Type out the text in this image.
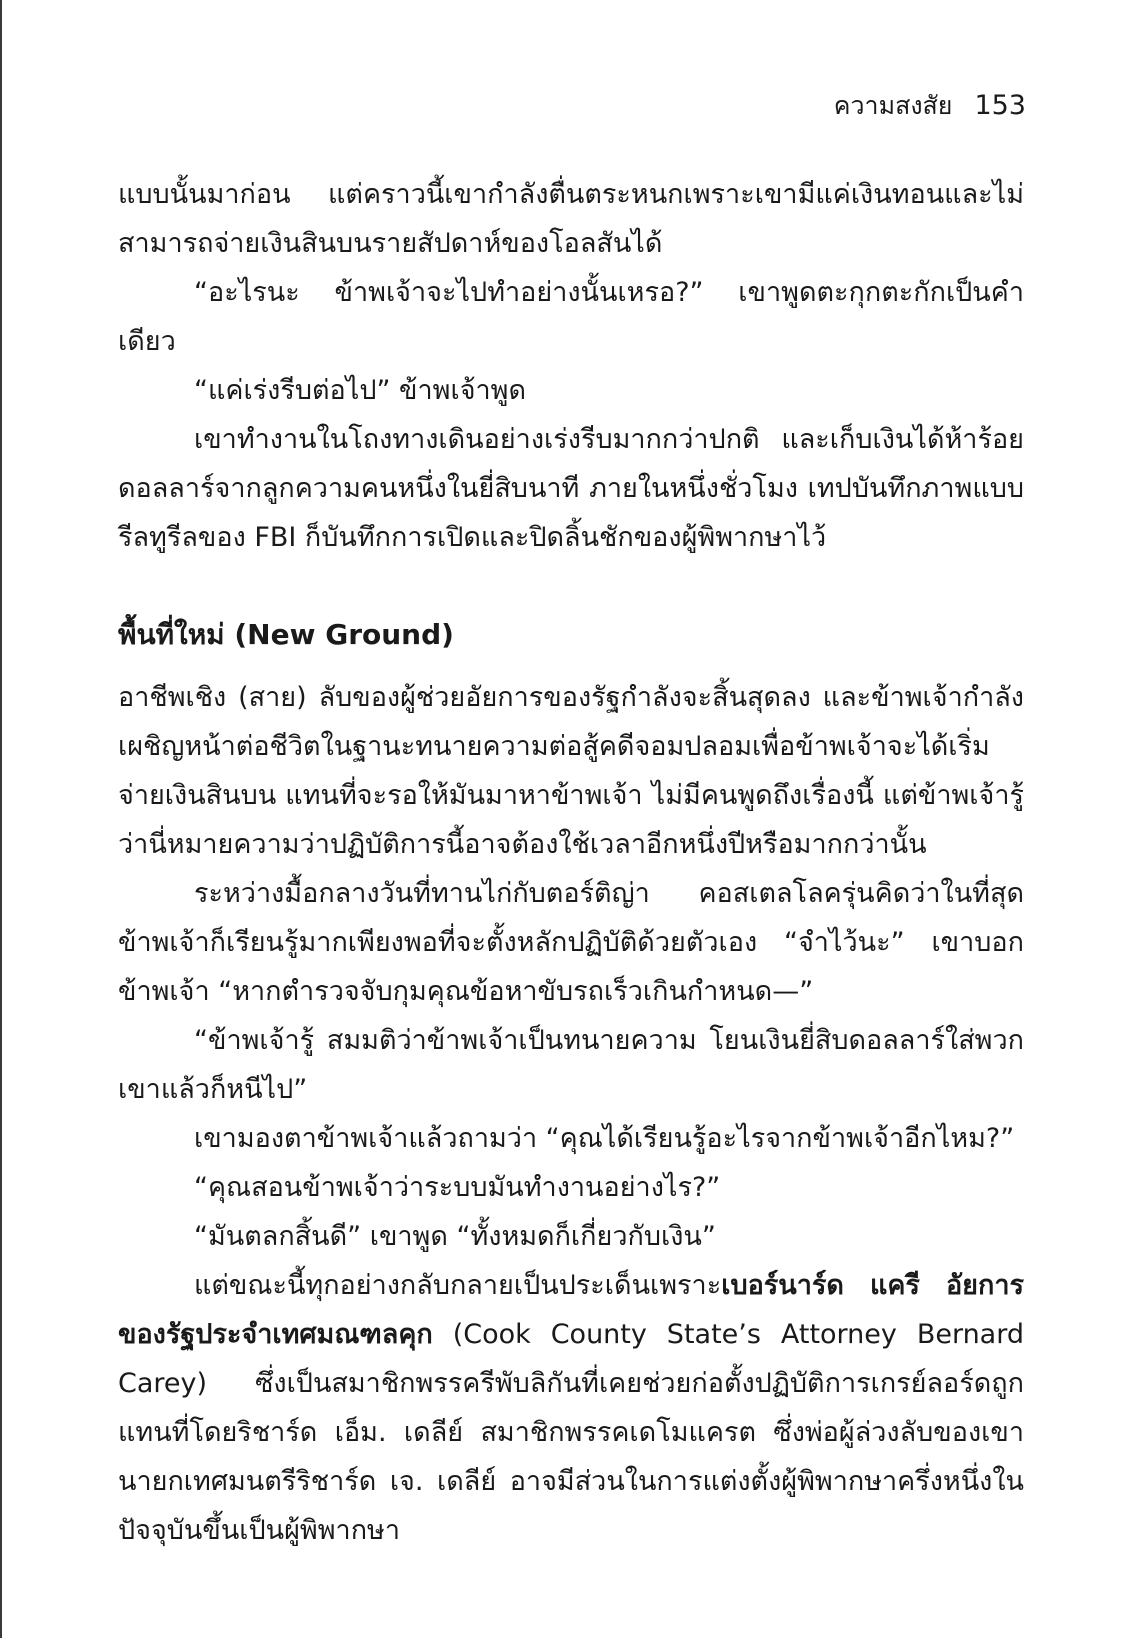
ความสงสัย 153

แบบนั้นมาก่อน แต่คราวนี้เขากำลังตื่นตระหนกเพราะเขามีแค่เงินทอนและไม่สามารถจ่ายเงินสินบนรายสัปดาห์ของโอลสันได้

“อะไรนะ ข้าพเจ้าจะไปทำอย่างนั้นเหรอ?” เขาพูดตะกุกตะกักเป็นคำเดียว

“แค่เร่งรีบต่อไป” ข้าพเจ้าพูด

เขาทำงานในโถงทางเดินอย่างเร่งรีบมากกว่าปกติ และเก็บเงินได้ห้าร้อยดอลลาร์จากลูกความคนหนึ่งในยี่สิบนาที ภายในหนึ่งชั่วโมง เทปบันทึกภาพแบบรีลทูรีลของ FBI ก็บันทึกการเปิดและปิดลิ้นชักของผู้พิพากษาไว้

พื้นที่ใหม่ (New Ground)

อาชีพเชิง (สาย) ลับของผู้ช่วยอัยการของรัฐกำลังจะสิ้นสุดลง และข้าพเจ้ากำลังเผชิญหน้าต่อชีวิตในฐานะทนายความต่อสู้คดีจอมปลอมเพื่อข้าพเจ้าจะได้เริ่มจ่ายเงินสินบน แทนที่จะรอให้มันมาหาข้าพเจ้า ไม่มีคนพูดถึงเรื่องนี้ แต่ข้าพเจ้ารู้ว่านี่หมายความว่าปฏิบัติการนี้อาจต้องใช้เวลาอีกหนึ่งปีหรือมากกว่านั้น

ระหว่างมื้อกลางวันที่ทานไก่กับตอร์ติญ่า คอสเตลโลครุ่นคิดว่าในที่สุดข้าพเจ้าก็เรียนรู้มากเพียงพอที่จะตั้งหลักปฏิบัติด้วยตัวเอง “จำไว้นะ” เขาบอกข้าพเจ้า “หากตำรวจจับกุมคุณข้อหาขับรถเร็วเกินกำหนด—”

“ข้าพเจ้ารู้ สมมติว่าข้าพเจ้าเป็นทนายความ โยนเงินยี่สิบดอลลาร์ใส่พวกเขาแล้วก็หนีไป”

เขามองตาข้าพเจ้าแล้วถามว่า “คุณได้เรียนรู้อะไรจากข้าพเจ้าอีกไหม?”

“คุณสอนข้าพเจ้าว่าระบบมันทำงานอย่างไร?”

“มันตลกสิ้นดี” เขาพูด “ทั้งหมดก็เกี่ยวกับเงิน”

แต่ขณะนี้ทุกอย่างกลับกลายเป็นประเด็นเพราะเบอร์นาร์ด แครี อัยการของรัฐประจำเทศมณฑลคุก (Cook County State’s Attorney Bernard Carey) ซึ่งเป็นสมาชิกพรรครีพับลิกันที่เคยช่วยก่อตั้งปฏิบัติการเกรย์ลอร์ดถูกแทนที่โดยริชาร์ด เอ็ม. เดลีย์ สมาชิกพรรคเดโมแครต ซึ่งพ่อผู้ล่วงลับของเขานายกเทศมนตรีริชาร์ด เจ. เดลีย์ อาจมีส่วนในการแต่งตั้งผู้พิพากษาครึ่งหนึ่งในปัจจุบันขึ้นเป็นผู้พิพากษา
